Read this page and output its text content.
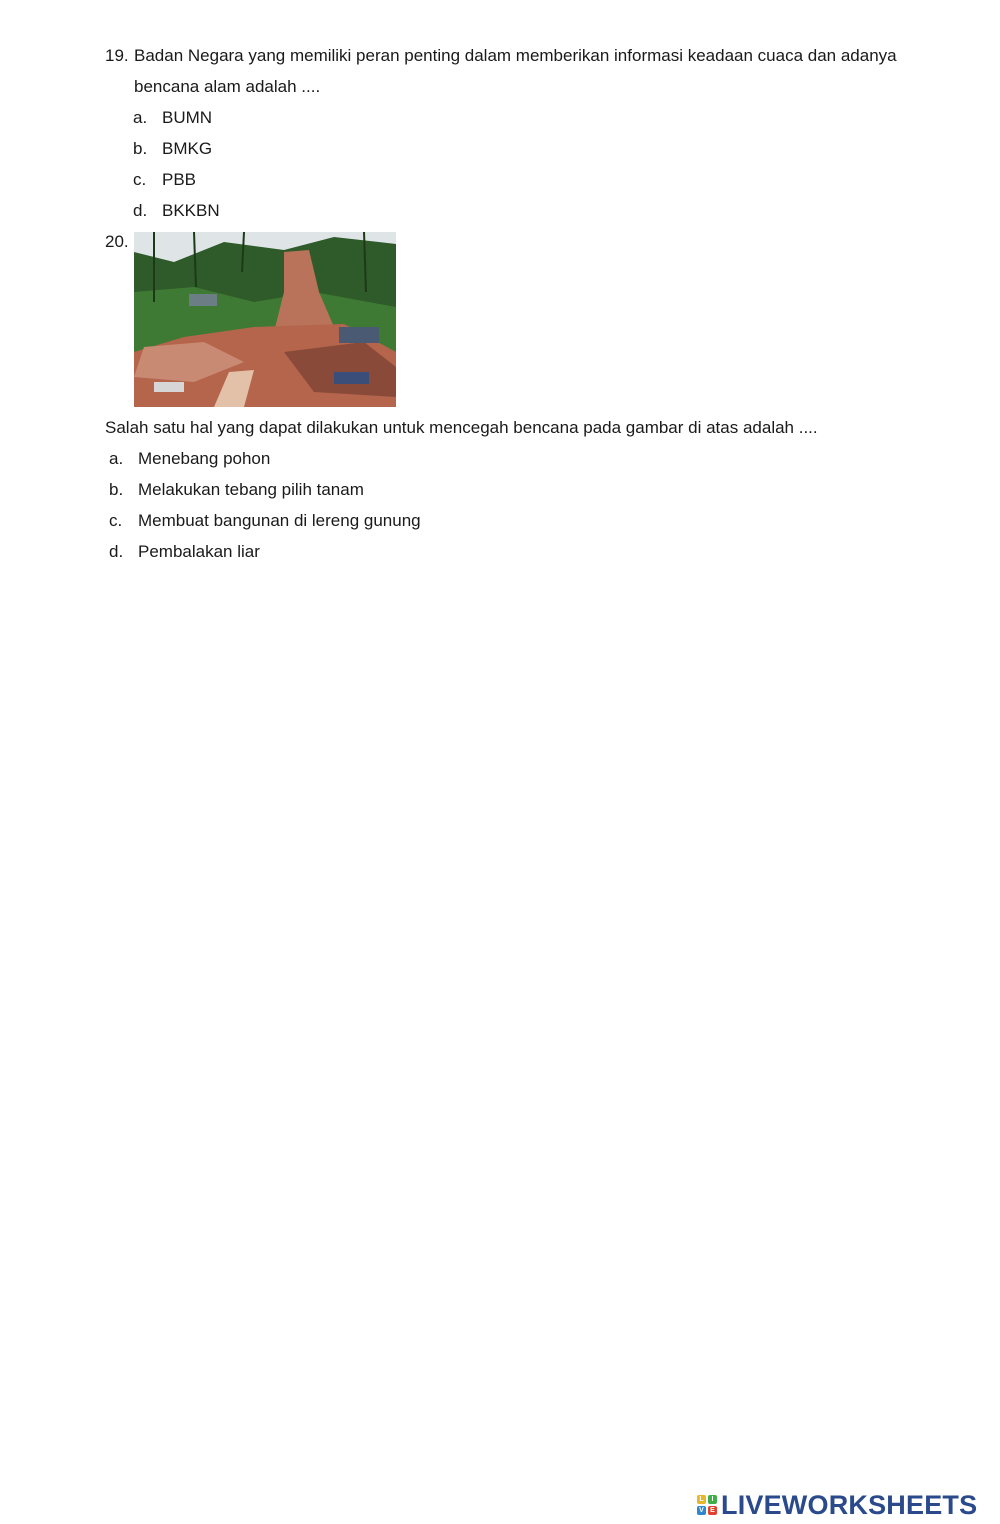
19. Badan Negara yang memiliki peran penting dalam memberikan informasi keadaan cuaca dan adanya
bencana alam adalah ....
a. BUMN
b. BMKG
c. PBB
d. BKKBN
20.
Salah satu hal yang dapat dilakukan untuk mencegah bencana pada gambar di atas adalah ....
a. Menebang pohon
b. Melakukan tebang pilih tanam
c. Membuat bangunan di lereng gunung
d. Pembalakan liar
L	I
V E LIVEWORKSHEETS
